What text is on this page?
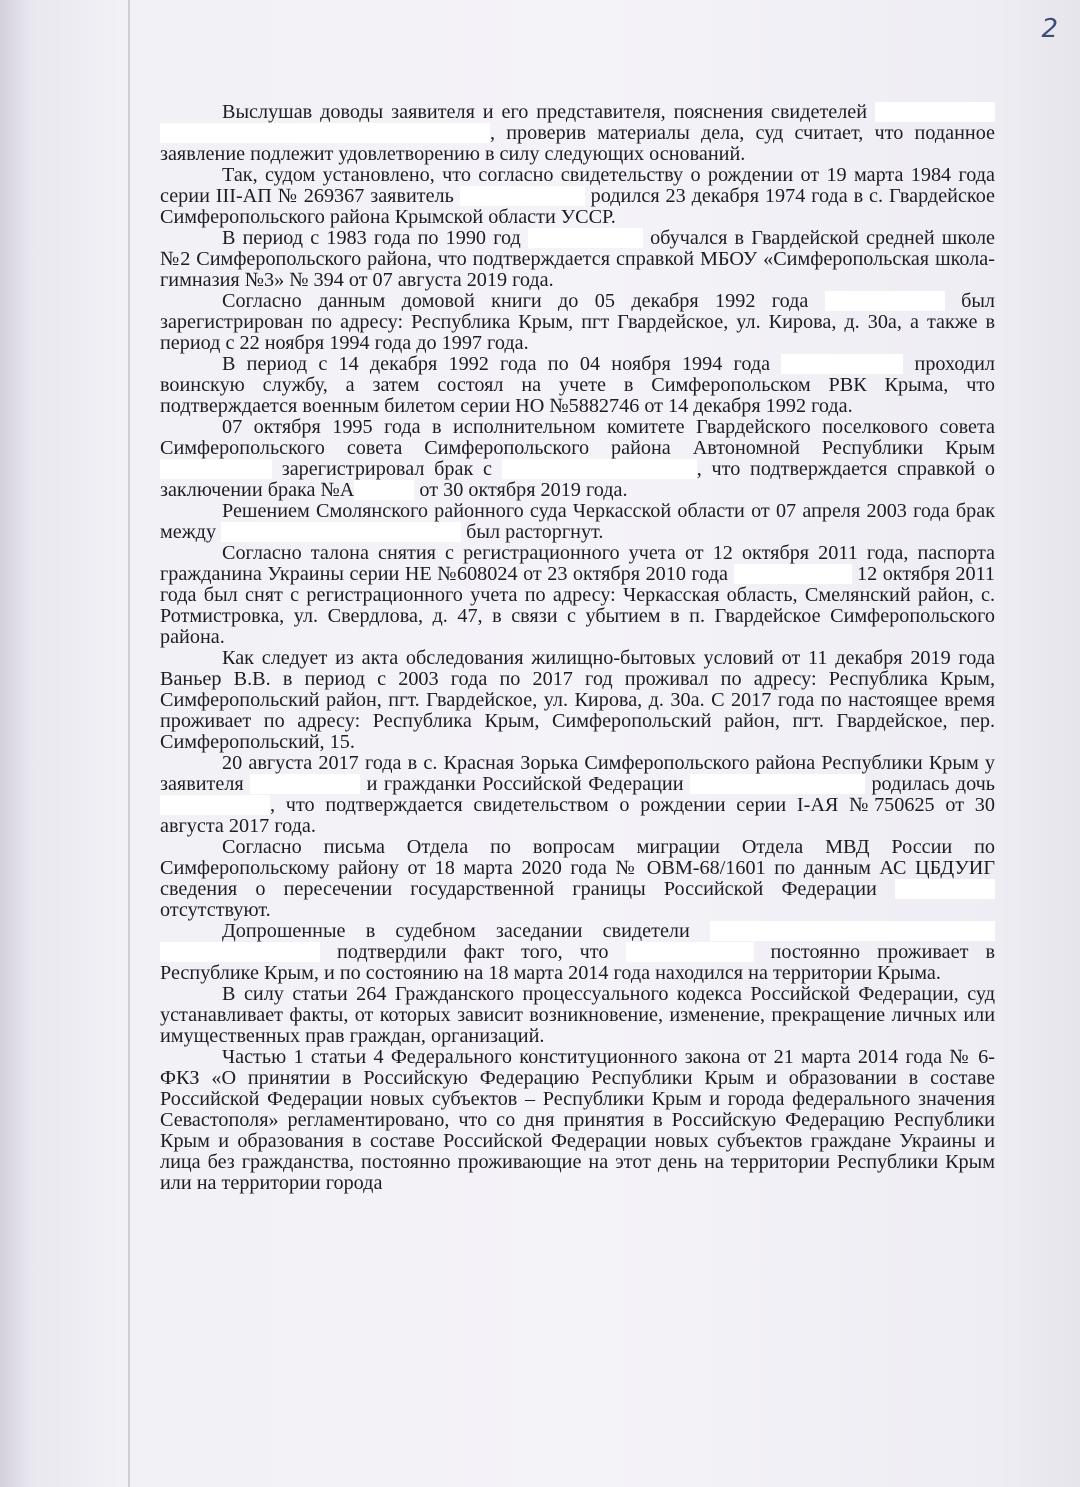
2

Выслушав доводы заявителя и его представителя, пояснения свидетелей  , проверив материалы дела, суд считает, что поданное заявление подлежит удовлетворению в силу следующих оснований.

Так, судом установлено, что согласно свидетельству о рождении от 19 марта 1984 года серии III-АП № 269367 заявитель	родился 23 декабря 1974 года в с. Гвардейское Симферопольского района Крымской области УССР.

В период с 1983 года по 1990 год	обучался в Гвардейской средней школе №2 Симферопольского района, что подтверждается справкой МБОУ «Симферопольская школа-гимназия №3» № 394 от 07 августа 2019 года.

Согласно данным домовой книги до 05 декабря 1992 года	был зарегистрирован по адресу: Республика Крым, пгт Гвардейское, ул. Кирова, д. 30а, а также в период с 22 ноября 1994 года до 1997 года.

В период с 14 декабря 1992 года по 04 ноября 1994 года	проходил воинскую службу, а затем состоял на учете в Симферопольском РВК Крыма, что подтверждается военным билетом серии НО №5882746 от 14 декабря 1992 года.

07 октября 1995 года в исполнительном комитете Гвардейского поселкового совета Симферопольского совета Симферопольского района Автономной Республики Крым  зарегистрировал брак с	, что подтверждается справкой о заключении брака №А	от 30 октября 2019 года.

Решением Смолянского районного суда Черкасской области от 07 апреля 2003 года брак между	был расторгнут.

Согласно талона снятия с регистрационного учета от 12 октября 2011 года, паспорта гражданина Украины серии НЕ №608024 от 23 октября 2010 года	12 октября 2011 года был снят с регистрационного учета по адресу: Черкасская область, Смелянский район, с. Ротмистровка, ул. Свердлова, д. 47, в связи с убытием в п. Гвардейское Симферопольского района.

Как следует из акта обследования жилищно-бытовых условий от 11 декабря 2019 года Ваньер В.В. в период с 2003 года по 2017 год проживал по адресу: Республика Крым, Симферопольский район, пгт. Гвардейское, ул. Кирова, д. 30а. С 2017 года по настоящее время проживает по адресу: Республика Крым, Симферопольский район, пгт. Гвардейское, пер. Симферопольский, 15.

20 августа 2017 года в с. Красная Зорька Симферопольского района Республики Крым у заявителя	и гражданки Российской Федерации	родилась дочь , что подтверждается свидетельством о рождении серии I-АЯ №750625 от 30 августа 2017 года.

Согласно письма Отдела по вопросам миграции Отдела МВД России по Симферопольскому району от 18 марта 2020 года № ОВМ-68/1601 по данным АС ЦБДУИГ сведения о пересечении государственной границы Российской Федерации  отсутствуют.

Допрошенные в судебном заседании свидетели   подтвердили факт того, что	постоянно проживает в Республике Крым, и по состоянию на 18 марта 2014 года находился на территории Крыма.

В силу статьи 264 Гражданского процессуального кодекса Российской Федерации, суд устанавливает факты, от которых зависит возникновение, изменение, прекращение личных или имущественных прав граждан, организаций.

Частью 1 статьи 4 Федерального конституционного закона от 21 марта 2014 года № 6-ФКЗ «О принятии в Российскую Федерацию Республики Крым и образовании в составе Российской Федерации новых субъектов – Республики Крым и города федерального значения Севастополя» регламентировано, что со дня принятия в Российскую Федерацию Республики Крым и образования в составе Российской Федерации новых субъектов граждане Украины и лица без гражданства, постоянно проживающие на этот день на территории Республики Крым или на территории города
